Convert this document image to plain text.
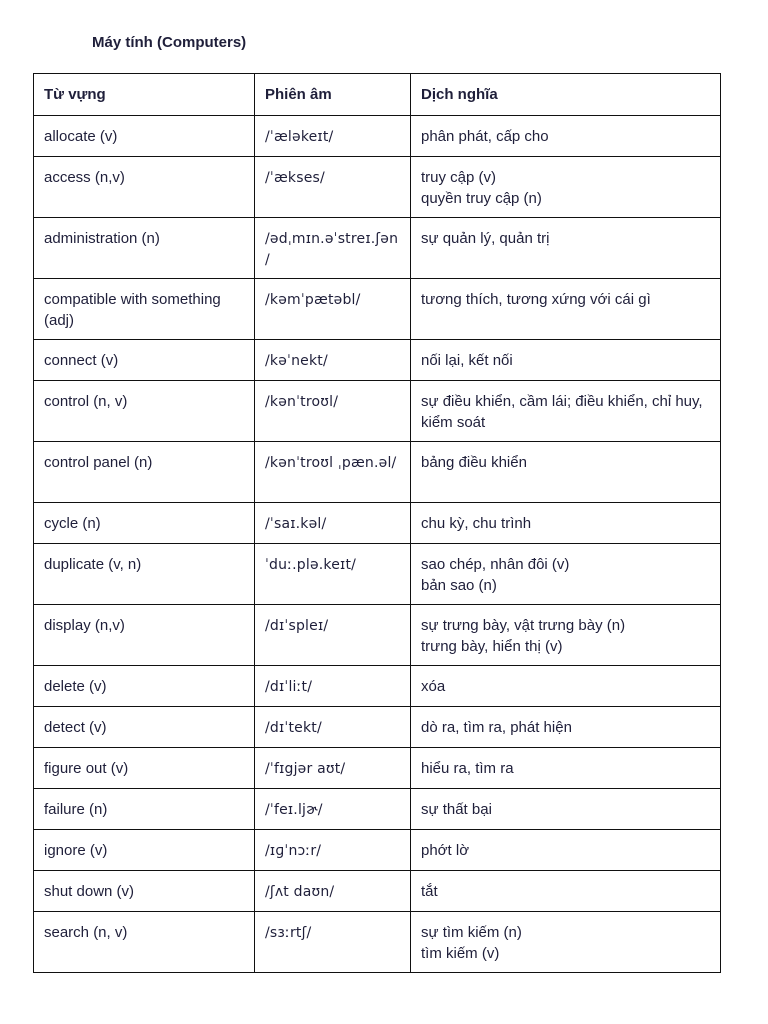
Máy tính (Computers)
Từ vựng	Phiên âm	Dịch nghĩa
allocate (v)	/ˈæləkeɪt/	phân phát, cấp cho

access (n,v)	/ˈækses/	truy cập (v)
quyền truy cập (n)

administration (n)	/ədˌmɪn.əˈstreɪ.ʃən /	sự quản lý, quản trị

compatible with something (adj)	/kəmˈpætəbl/	tương thích, tương xứng với cái gì

connect (v)	/kəˈnekt/	nối lại, kết nối

control (n, v)	/kənˈtroʊl/	sự điều khiển, cầm lái; điều khiển, chỉ huy, kiểm soát

control panel (n)	/kənˈtroʊl ˌpæn.əl/	bảng điều khiển

cycle (n)	/ˈsaɪ.kəl/	chu kỳ, chu trình

duplicate (v, n)	ˈduː.plə.keɪt/	sao chép, nhân đôi (v)
bản sao (n)

display (n,v)	/dɪˈspleɪ/	sự trưng bày, vật trưng bày (n)
trưng bày, hiển thị (v)

delete (v)	/dɪˈliːt/	xóa

detect (v)	/dɪˈtekt/	dò ra, tìm ra, phát hiện

figure out (v)	/ˈfɪgjər aʊt/	hiểu ra, tìm ra

failure (n)	/ˈfeɪ.ljɚ/	sự thất bại

ignore (v)	/ɪɡˈnɔːr/	phớt lờ

shut down (v)	/ʃʌt daʊn/	tắt

search (n, v)	/sɜːrtʃ/	sự tìm kiếm (n)
tìm kiếm (v)
